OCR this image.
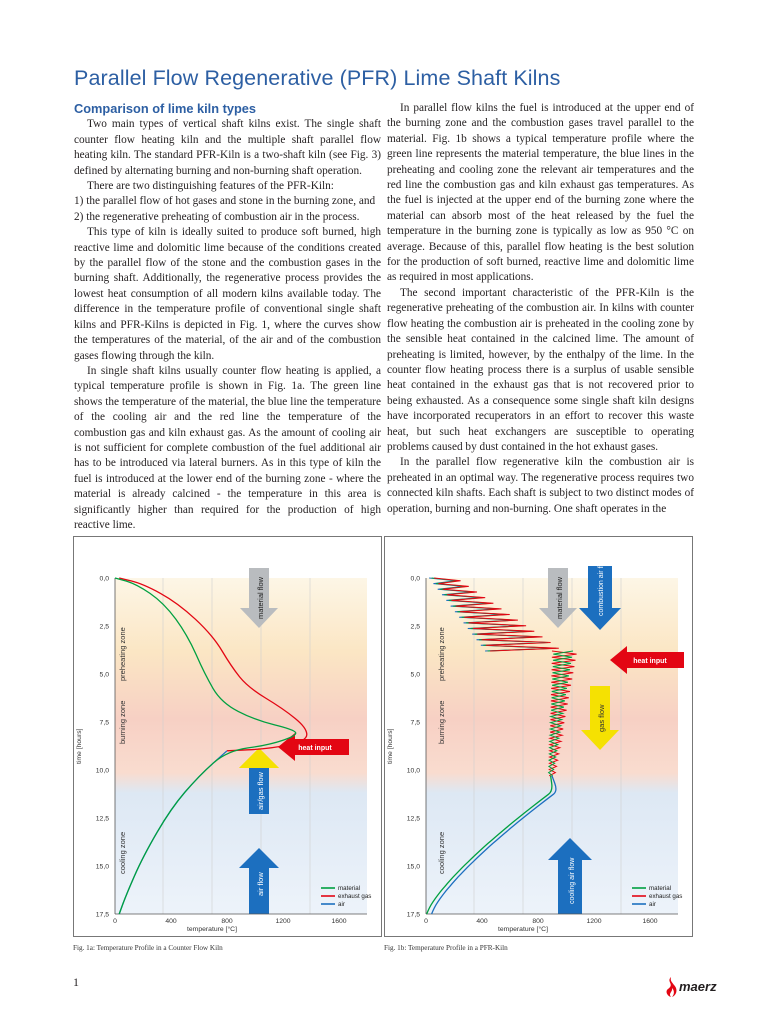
Parallel Flow Regenerative (PFR) Lime Shaft Kilns
Comparison of lime kiln types

Two main types of vertical shaft kilns exist. The single shaft counter flow heating kiln and the multiple shaft parallel flow heating kiln. The standard PFR-Kiln is a two-shaft kiln (see Fig. 3) defined by alternating burning and non-burning shaft operation.

There are two distinguishing features of the PFR-Kiln:

1) the parallel flow of hot gases and stone in the burning zone, and

2) the regenerative preheating of combustion air in the process.

This type of kiln is ideally suited to produce soft burned, high reactive lime and dolomitic lime because of the conditions created by the parallel flow of the stone and the combustion gases in the burning shaft. Additionally, the regenerative process provides the lowest heat consumption of all modern kilns available today. The difference in the temperature profile of conventional single shaft kilns and PFR-Kilns is depicted in Fig. 1, where the curves show the temperatures of the material, of the air and of the combustion gases flowing through the kiln.

In single shaft kilns usually counter flow heating is applied, a typical temperature profile is shown in Fig. 1a. The green line shows the temperature of the material, the blue line the temperature of the cooling air and the red line the temperature of the combustion gas and kiln exhaust gas. As the amount of cooling air is not sufficient for complete combustion of the fuel additional air has to be introduced via lateral burners. As in this type of kiln the fuel is introduced at the lower end of the burning zone - where the material is already calcined - the temperature in this area is significantly higher than required for the production of high reactive lime.

In parallel flow kilns the fuel is introduced at the upper end of the burning zone and the combustion gases travel parallel to the material. Fig. 1b shows a typical temperature profile where the green line represents the material temperature, the blue lines in the preheating and cooling zone the relevant air temperatures and the red line the combustion gas and kiln exhaust gas temperatures. As the fuel is injected at the upper end of the burning zone where the material can absorb most of the heat released by the fuel the temperature in the burning zone is typically as low as 950 °C on average. Because of this, parallel flow heating is the best solution for the production of soft burned, reactive lime and dolomitic lime as required in most applications.

The second important characteristic of the PFR-Kiln is the regenerative preheating of the combustion air. In kilns with counter flow heating the combustion air is preheated in the cooling zone by the sensible heat contained in the calcined lime. The amount of preheating is limited, however, by the enthalpy of the lime. In the counter flow heating process there is a surplus of usable sensible heat contained in the exhaust gas that is not recovered prior to being exhausted. As a consequence some single shaft kiln designs have incorporated recuperators in an effort to recover this waste heat, but such heat exchangers are susceptible to operating problems caused by dust contained in the hot exhaust gases.

In the parallel flow regenerative kiln the combustion air is preheated in an optimal way. The regenerative process requires two connected kiln shafts. Each shaft is subject to two distinct modes of operation, burning and non-burning. One shaft operates in the

preheating zone
burning zone
cooling zone
material flow
heat input
air/gas flow
air flow
0,0
2,5
5,0
7,5
10,0
12,5
15,0
17,5
0	400	800	1200	1600
time [hours]
temperature [°C]
material
exhaust gas
air
preheating zone
burning zone
cooling zone
material flow	combustion air flow
heat input
gas flow
cooling air flow
0,0
2,5
5,0
7,5
10,0
12,5
15,0
17,5
0	400	800	1200	1600
time [hours]
temperature [°C]
material
exhaust gas
air
Fig. 1a: Temperature Profile in a Counter Flow Kiln	Fig. 1b: Temperature Profile in a PFR-Kiln
1	maerz
